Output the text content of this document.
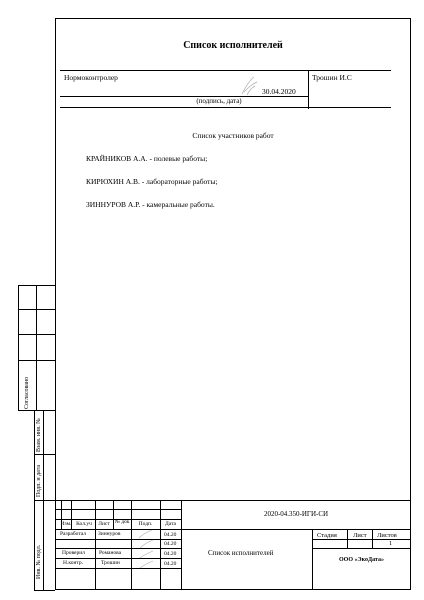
Список исполнителей
Нормоконтролер	Трошин И.С
30.04.2020
(подпись, дата)
Список участников работ
КРАЙНИКОВ А.А. - полевые работы;
КИРЮХИН А.В. - лабораторные работы;
ЗИННУРОВ А.Р. - камеральные работы.
Согласовано
Взам. инв. №
Подп. и дата
Инв. № подл.
Изм. Кол.уч	Лист № док	Подп.	Дата
Разработал Зиннуров	04.20
04.20
Проверил	Романова	04.20
Н.контр.	Трошин	04.20
2020-04.350-ИГИ-СИ
Список исполнителей
Стадия Лист Листов
1
ООО «ЭкоДата»
